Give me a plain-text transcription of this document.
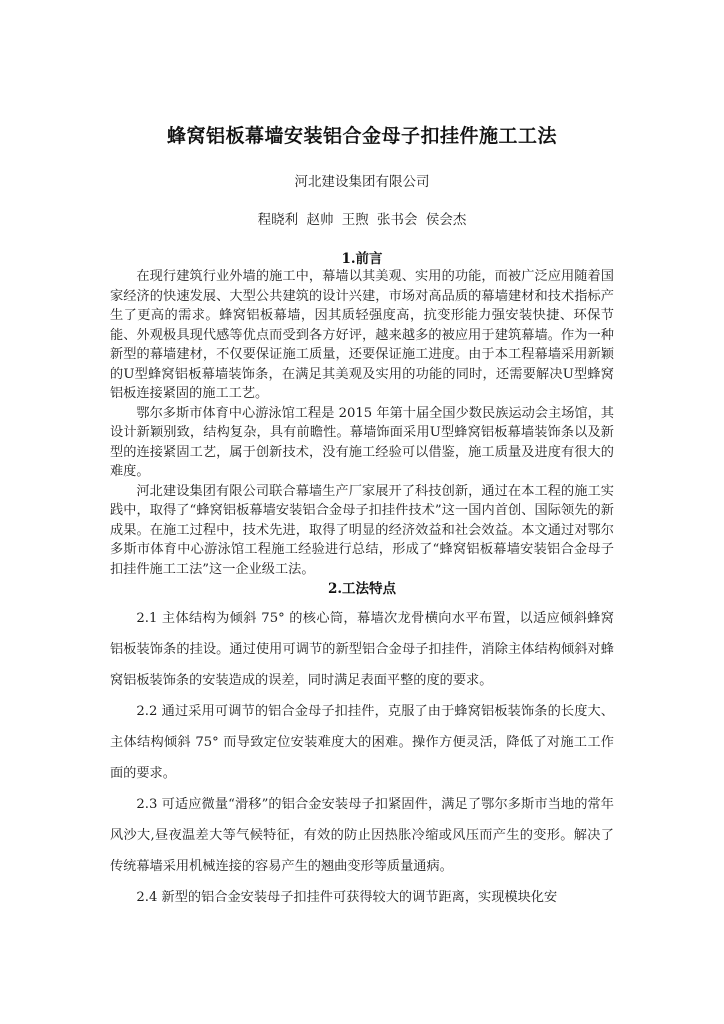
蜂窝铝板幕墙安装铝合金母子扣挂件施工工法
河北建设集团有限公司
程晓利 赵帅 王煦 张书会 侯会杰
1.前言

在现行建筑行业外墙的施工中，幕墙以其美观、实用的功能，而被广泛应用随着国家经济的快速发展、大型公共建筑的设计兴建，市场对高品质的幕墙建材和技术指标产生了更高的需求。蜂窝铝板幕墙，因其质轻强度高，抗变形能力强安装快捷、环保节能、外观极具现代感等优点而受到各方好评，越来越多的被应用于建筑幕墙。作为一种新型的幕墙建材，不仅要保证施工质量，还要保证施工进度。由于本工程幕墙采用新颖的U型蜂窝铝板幕墙装饰条，在满足其美观及实用的功能的同时，还需要解决U型蜂窝铝板连接紧固的施工工艺。

鄂尔多斯市体育中心游泳馆工程是 2015 年第十届全国少数民族运动会主场馆，其设计新颖别致，结构复杂，具有前瞻性。幕墙饰面采用U型蜂窝铝板幕墙装饰条以及新型的连接紧固工艺，属于创新技术，没有施工经验可以借鉴，施工质量及进度有很大的难度。

河北建设集团有限公司联合幕墙生产厂家展开了科技创新，通过在本工程的施工实践中，取得了“蜂窝铝板幕墙安装铝合金母子扣挂件技术”这一国内首创、国际领先的新成果。在施工过程中，技术先进，取得了明显的经济效益和社会效益。本文通过对鄂尔多斯市体育中心游泳馆工程施工经验进行总结，形成了“蜂窝铝板幕墙安装铝合金母子扣挂件施工工法”这一企业级工法。

2.工法特点

2.1 主体结构为倾斜 75° 的核心筒，幕墙次龙骨横向水平布置，以适应倾斜蜂窝铝板装饰条的挂设。通过使用可调节的新型铝合金母子扣挂件，消除主体结构倾斜对蜂窝铝板装饰条的安装造成的误差，同时满足表面平整的度的要求。

2.2 通过采用可调节的铝合金母子扣挂件，克服了由于蜂窝铝板装饰条的长度大、主体结构倾斜 75° 而导致定位安装难度大的困难。操作方便灵活，降低了对施工工作面的要求。

2.3 可适应微量“滑移”的铝合金安装母子扣紧固件，满足了鄂尔多斯市当地的常年风沙大,昼夜温差大等气候特征，有效的防止因热胀冷缩或风压而产生的变形。解决了传统幕墙采用机械连接的容易产生的翘曲变形等质量通病。

2.4 新型的铝合金安装母子扣挂件可获得较大的调节距离，实现模块化安
